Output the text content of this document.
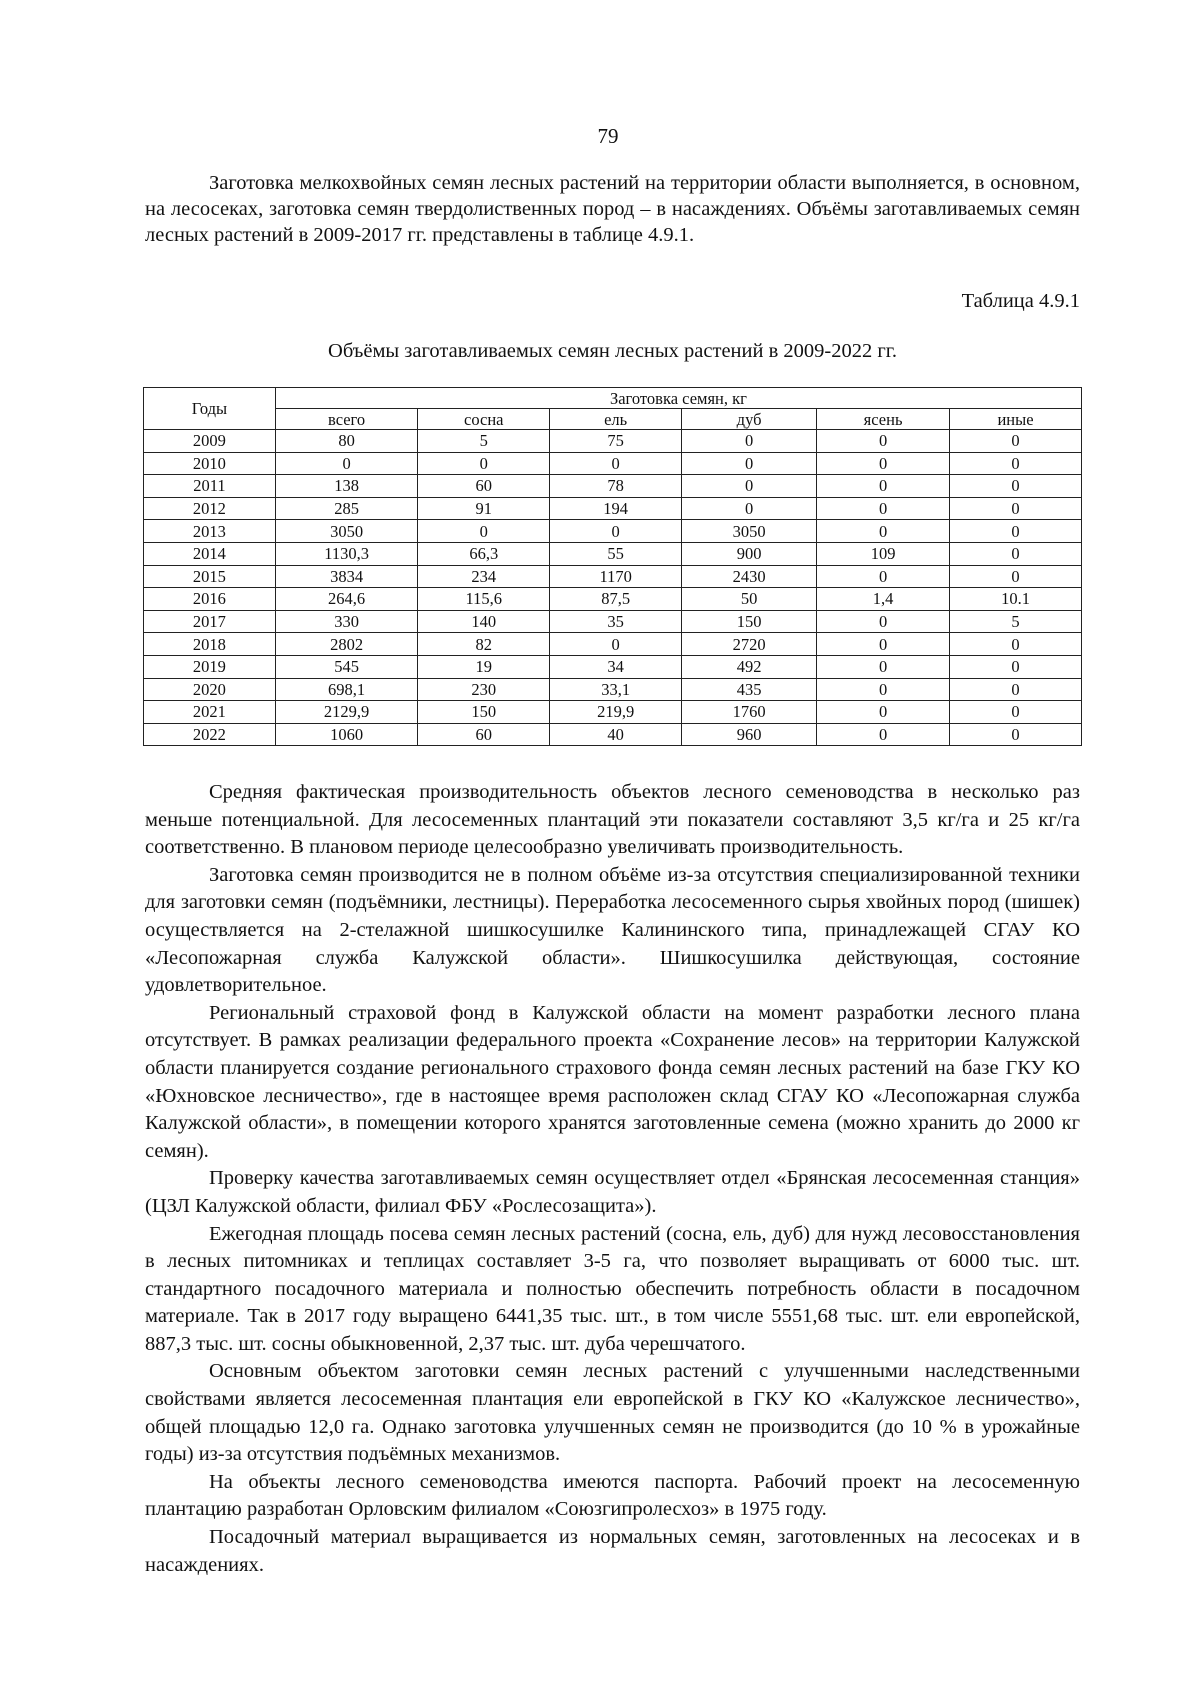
79

Заготовка мелкохвойных семян лесных растений на территории области выполняется, в основном, на лесосеках, заготовка семян твердолиственных пород – в насаждениях. Объёмы заготавливаемых семян лесных растений в 2009-2017 гг. представлены в таблице 4.9.1.

Таблица 4.9.1
Объёмы заготавливаемых семян лесных растений в 2009-2022 гг.
Годы	Заготовка семян, кг					
	всего	сосна	ель	дуб	ясень	иные
2009	80	5	75	0	0	0
2010	0	0	0	0	0	0
2011	138	60	78	0	0	0
2012	285	91	194	0	0	0
2013	3050	0	0	3050	0	0
2014	1130,3	66,3	55	900	109	0
2015	3834	234	1170	2430	0	0
2016	264,6	115,6	87,5	50	1,4	10.1
2017	330	140	35	150	0	5
2018	2802	82	0	2720	0	0
2019	545	19	34	492	0	0
2020	698,1	230	33,1	435	0	0
2021	2129,9	150	219,9	1760	0	0
2022	1060	60	40	960	0	0

Средняя фактическая производительность объектов лесного семеноводства в несколько раз меньше потенциальной. Для лесосеменных плантаций эти показатели составляют 3,5 кг/га и 25 кг/га соответственно. В плановом периоде целесообразно увеличивать производительность.

Заготовка семян производится не в полном объёме из-за отсутствия специализированной техники для заготовки семян (подъёмники, лестницы). Переработка лесосеменного сырья хвойных пород (шишек) осуществляется на 2-стелажной шишкосушилке Калининского типа, принадлежащей СГАУ КО «Лесопожарная служба Калужской области». Шишкосушилка действующая, состояние удовлетворительное.

Региональный страховой фонд в Калужской области на момент разработки лесного плана отсутствует. В рамках реализации федерального проекта «Сохранение лесов» на территории Калужской области планируется создание регионального страхового фонда семян лесных растений на базе ГКУ КО «Юхновское лесничество», где в настоящее время расположен склад СГАУ КО «Лесопожарная служба Калужской области», в помещении которого хранятся заготовленные семена (можно хранить до 2000 кг семян).

Проверку качества заготавливаемых семян осуществляет отдел «Брянская лесосеменная станция» (ЦЗЛ Калужской области, филиал ФБУ «Рослесозащита»).

Ежегодная площадь посева семян лесных растений (сосна, ель, дуб) для нужд лесовосстановления в лесных питомниках и теплицах составляет 3-5 га, что позволяет выращивать от 6000 тыс. шт. стандартного посадочного материала и полностью обеспечить потребность области в посадочном материале. Так в 2017 году выращено 6441,35 тыс. шт., в том числе 5551,68 тыс. шт. ели европейской, 887,3 тыс. шт. сосны обыкновенной, 2,37 тыс. шт. дуба черешчатого.

Основным объектом заготовки семян лесных растений с улучшенными наследственными свойствами является лесосеменная плантация ели европейской в ГКУ КО «Калужское лесничество», общей площадью 12,0 га. Однако заготовка улучшенных семян не производится (до 10 % в урожайные годы) из-за отсутствия подъёмных механизмов.

На объекты лесного семеноводства имеются паспорта. Рабочий проект на лесосеменную плантацию разработан Орловским филиалом «Союзгипролесхоз» в 1975 году.

Посадочный материал выращивается из нормальных семян, заготовленных на лесосеках и в насаждениях.
